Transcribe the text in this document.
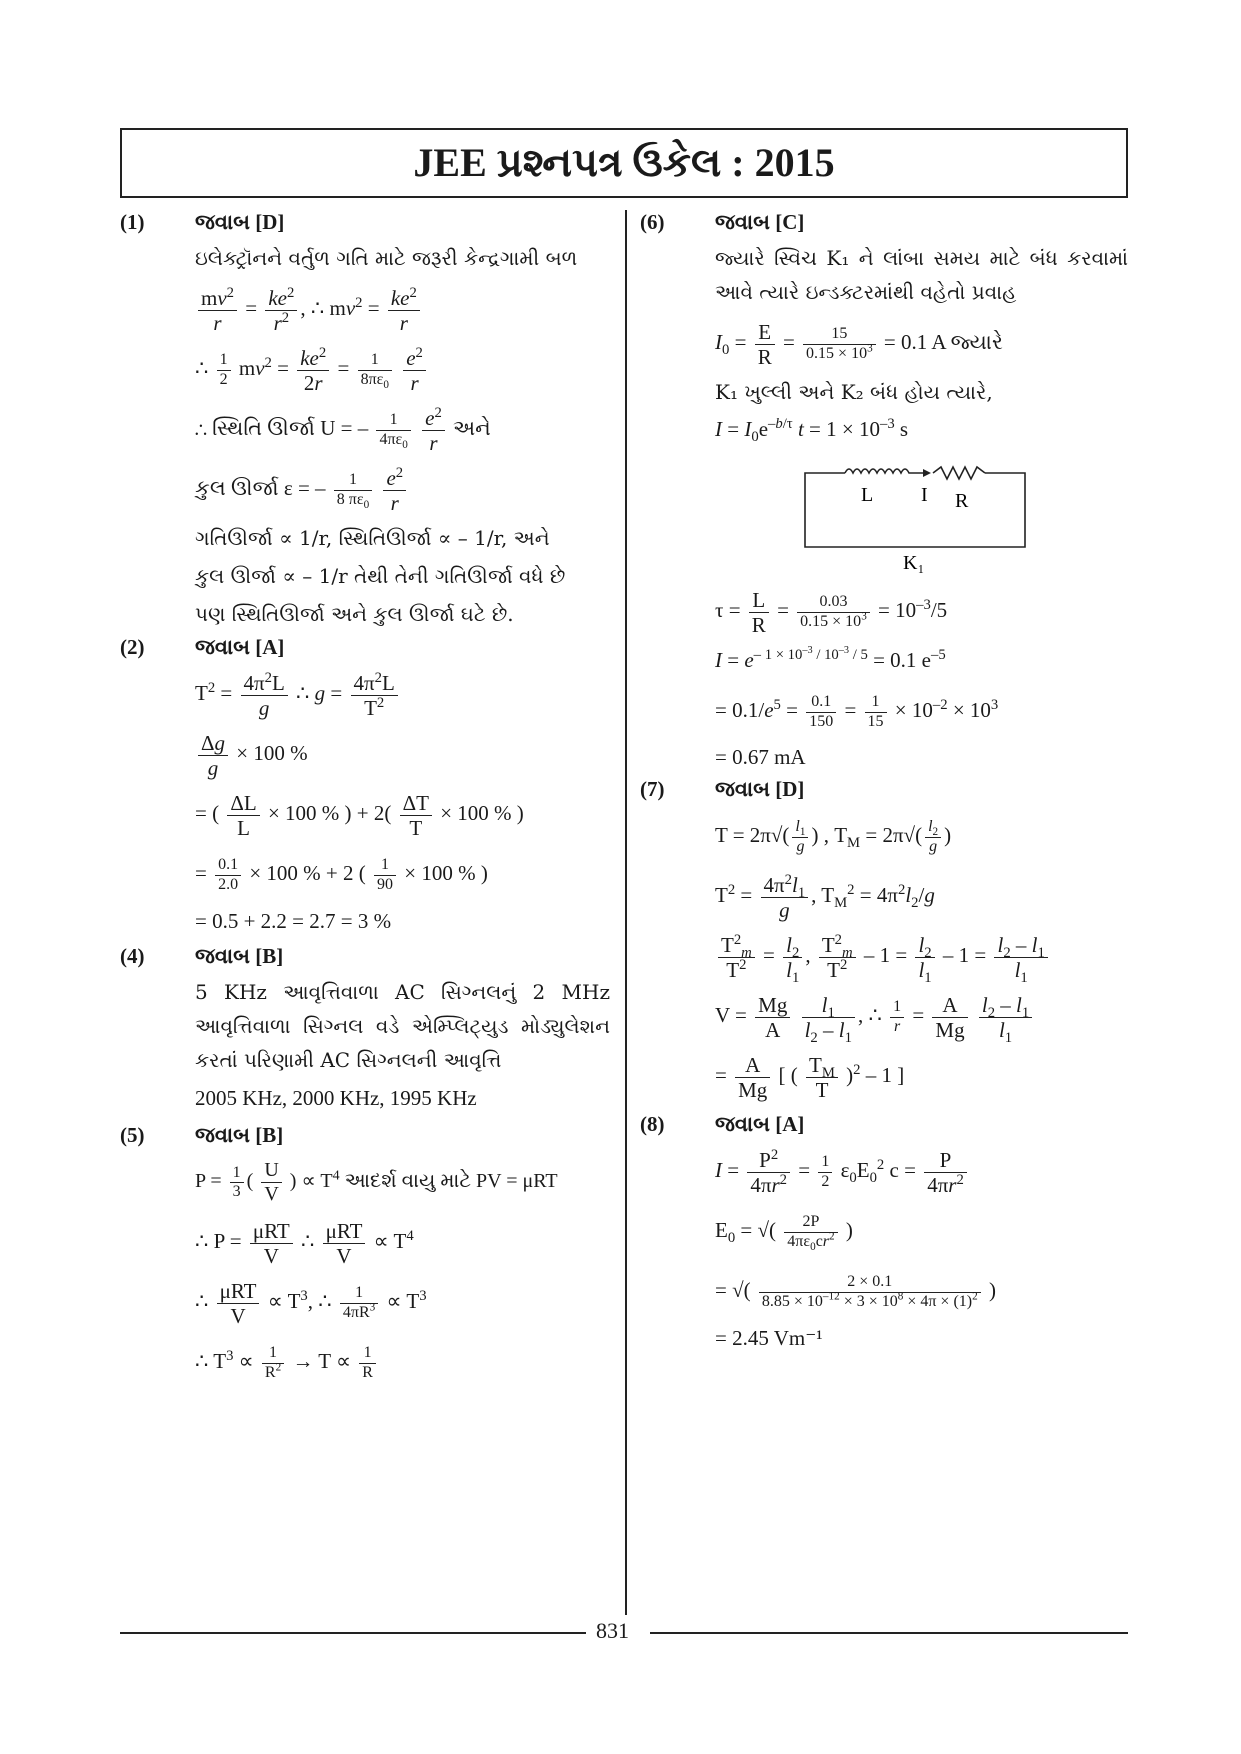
JEE પ્રશ્નપત્ર ઉકેલ : 2015
(1) જવાબ [D]
ઇલેક્ટ્રૉનને વર્તુળ ગતિ માટે જરૂરી કેન્દ્રગામી બળ
$\frac{mv^2}{r} = \frac{ke^2}{r^2}$ , ∴ $mv^2 = \frac{ke^2}{r}$
∴ $\frac{1}{2} mv^2 = \frac{ke^2}{2r} = \frac{1}{8\pi\varepsilon_0}$
$\frac{e^2}{r}$
∴ સ્થિતિ ઊર્જા U = – $\frac{1}{4\pi\varepsilon_0}$
$\frac{e^2}{r}$ અને
કુલ ઊર્જા ε = – $\frac{1}{8 \pi\varepsilon_0}$
$\frac{e^2}{r}$
ગતિઊર્જા ∝ 1/r, સ્થિતિઊર્જા ∝ – 1/r, અને
કુલ ઊર્જા ∝ – 1/r તેથી તેની ગતિઊર્જા વધે છે
પણ સ્થિતિઊર્જા અને કુલ ઊર્જા ઘટે છે.
(2) જવાબ [A]
$T^2 = \frac{4\pi^2L}{g}$ ∴ $g = \frac{4\pi^2L}{T^2}$
$\frac{\Delta g}{g} \times 100$ %
= ( $\frac{\Delta L}{L} \times 100$ % ) + $2( \frac{\Delta T}{T} \times 100$ % )
= $\frac{0.1}{2.0} \times 100$ % + 2 ( $\frac{1}{90} \times 100$ % )
= 0.5 + 2.2 = 2.7 = 3 %
(4) જવાબ [B]
5 KHz આવૃત્તિવાળા AC સિગ્નલનું 2 MHz આવૃત્તિવાળા સિગ્નલ વડે એમ્પ્લિટ્યુડ મોડ્યુલેશન કરતાં પરિણામી AC સિગ્નલની આવૃત્તિ
2005 KHz, 2000 KHz, 1995 KHz
(5) જવાબ [B]
$P = \frac{1}{3}$ ( $\frac{U}{V}$ ) ∝ $T^4$ આદર્શ વાયુ માટે PV = μRT
∴ P = μRT
V
∴ μRT
V
∝ $T^4$
∴ μRT
V
∝ $T^3$, ∴ $\frac{1}{4\pi R^3} \propto T^3$
∴ $T^3 \propto \frac{1}{R^2} \to T \propto \frac{1}{R}$
(6) જવાબ [C]
જ્યારે સ્વિચ K₁ ને લાંબા સમય માટે બંધ કરવામાં આવે ત્યારે ઇન્ડક્ટરમાંથી વહેતો પ્રવાહ
$I_0 = \frac{E}{R} = \frac{15}{0.15 \times 10^3} = 0.1$ A જ્યારે
K₁ ખુલ્લી અને K₂ બંધ હોય ત્યારે,
$I = I_0e^{-b/\tau}$ $t = 1 \times 10^{-3}$ s
L I R
K₁
$\tau = \frac{L}{R} = \frac{0.03}{0.15 \times 10^3} = 10^{-3}/5$
$I = e^{- 1 \times 10^{-3} / 10^{-3} / 5} = 0.1$ $e^{-5}$
= $0.1/e^5 = \frac{0.1}{150} = \frac{1}{15} \times 10^{-2} \times 10^3$
= 0.67 mA
(7) જવાબ [D]
$T = 2\pi√( \frac{l_1}{g}$ ) , $T_M = 2\pi√( \frac{l_2}{g}$ )
$T^2 = \frac{4\pi^2l_1}{g}$ , $T_M^2 = 4\pi^2l_2/g$
$\frac{T^2_m}{T^2} = \frac{l_2}{l_1}$ , $\frac{T^2_m}{T^2} - 1 = \frac{l_2}{l_1} - 1 = \frac{l_2 - l_1}{l_1}$
$V = \frac{Mg}{A}$
$\frac{l_1}{l_2 - l_1}$ , ∴ $\frac{1}{r} = \frac{A}{Mg}$
$\frac{l_2 - l_1}{l_1}$
= $\frac{A}{Mg}$ [ ( $\frac{T_M}{T} )^2 - 1$ ]
(8) જવાબ [A]
$I = \frac{P^2}{4\pi r^2} = \frac{1}{2} \varepsilon_0E_0^2$ $c = \frac{P}{4\pi r^2}$
$E_0$ = √( $\frac{2P}{4\pi\varepsilon_0cr^2}$ )
= √( $\frac{2 \times 0.1}{8.85 \times 10^{-12} \times 3 \times 10^8 \times 4\pi \times (1)^2}$ )
= 2.45 Vm⁻¹
831
